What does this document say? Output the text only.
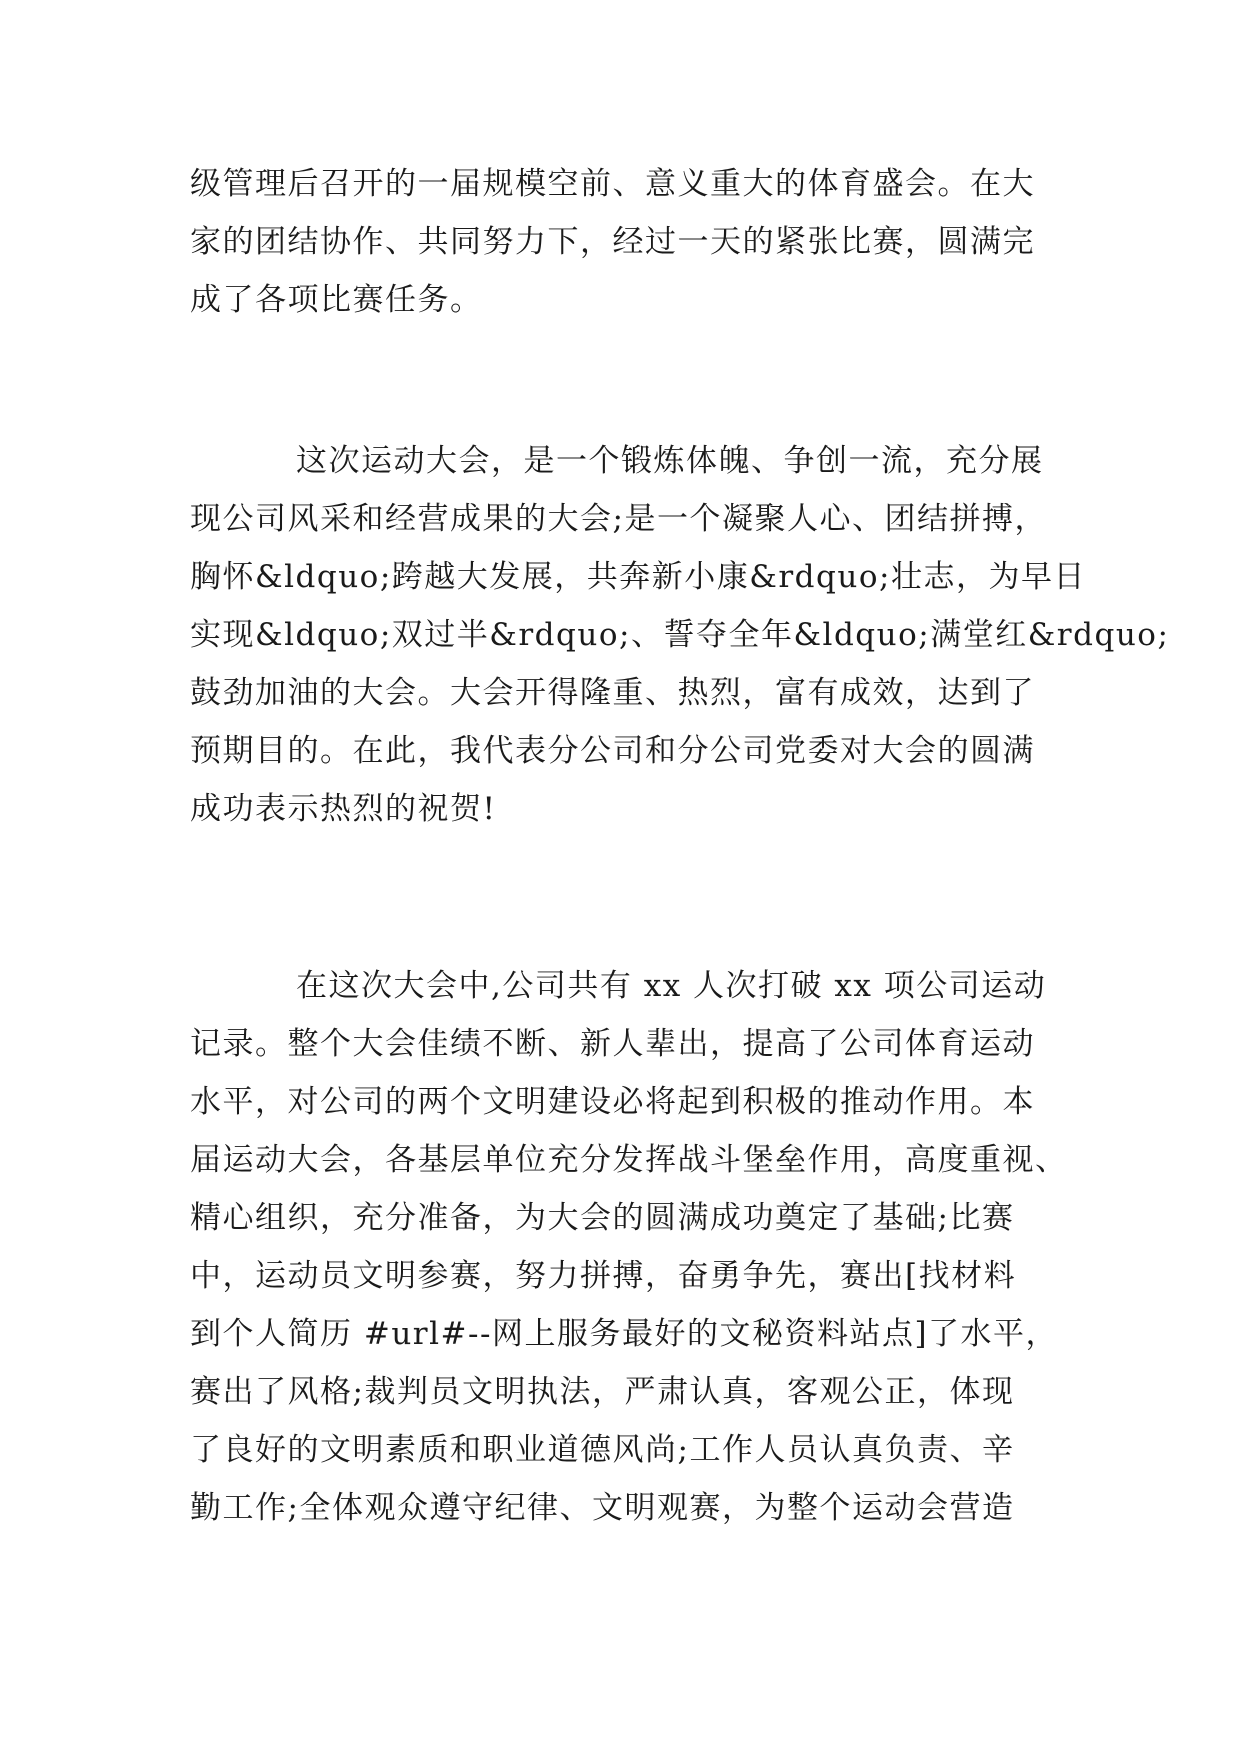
级管理后召开的一届规模空前、意义重大的体育盛会。在大

家的团结协作、共同努力下，经过一天的紧张比赛，圆满完

成了各项比赛任务。

这次运动大会，是一个锻炼体魄、争创一流，充分展

现公司风采和经营成果的大会;是一个凝聚人心、团结拼搏，

胸怀&ldquo;跨越大发展，共奔新小康&rdquo;壮志，为早日

实现&ldquo;双过半&rdquo;、誓夺全年&ldquo;满堂红&rdquo;

鼓劲加油的大会。大会开得隆重、热烈，富有成效，达到了

预期目的。在此，我代表分公司和分公司党委对大会的圆满

成功表示热烈的祝贺!

在这次大会中,公司共有 xx 人次打破 xx 项公司运动

记录。整个大会佳绩不断、新人辈出，提高了公司体育运动

水平，对公司的两个文明建设必将起到积极的推动作用。本

届运动大会，各基层单位充分发挥战斗堡垒作用，高度重视、

精心组织，充分准备，为大会的圆满成功奠定了基础;比赛

中，运动员文明参赛，努力拼搏，奋勇争先，赛出[找材料

到个人简历 #url#--网上服务最好的文秘资料站点]了水平，

赛出了风格;裁判员文明执法，严肃认真，客观公正，体现

了良好的文明素质和职业道德风尚;工作人员认真负责、辛

勤工作;全体观众遵守纪律、文明观赛，为整个运动会营造
